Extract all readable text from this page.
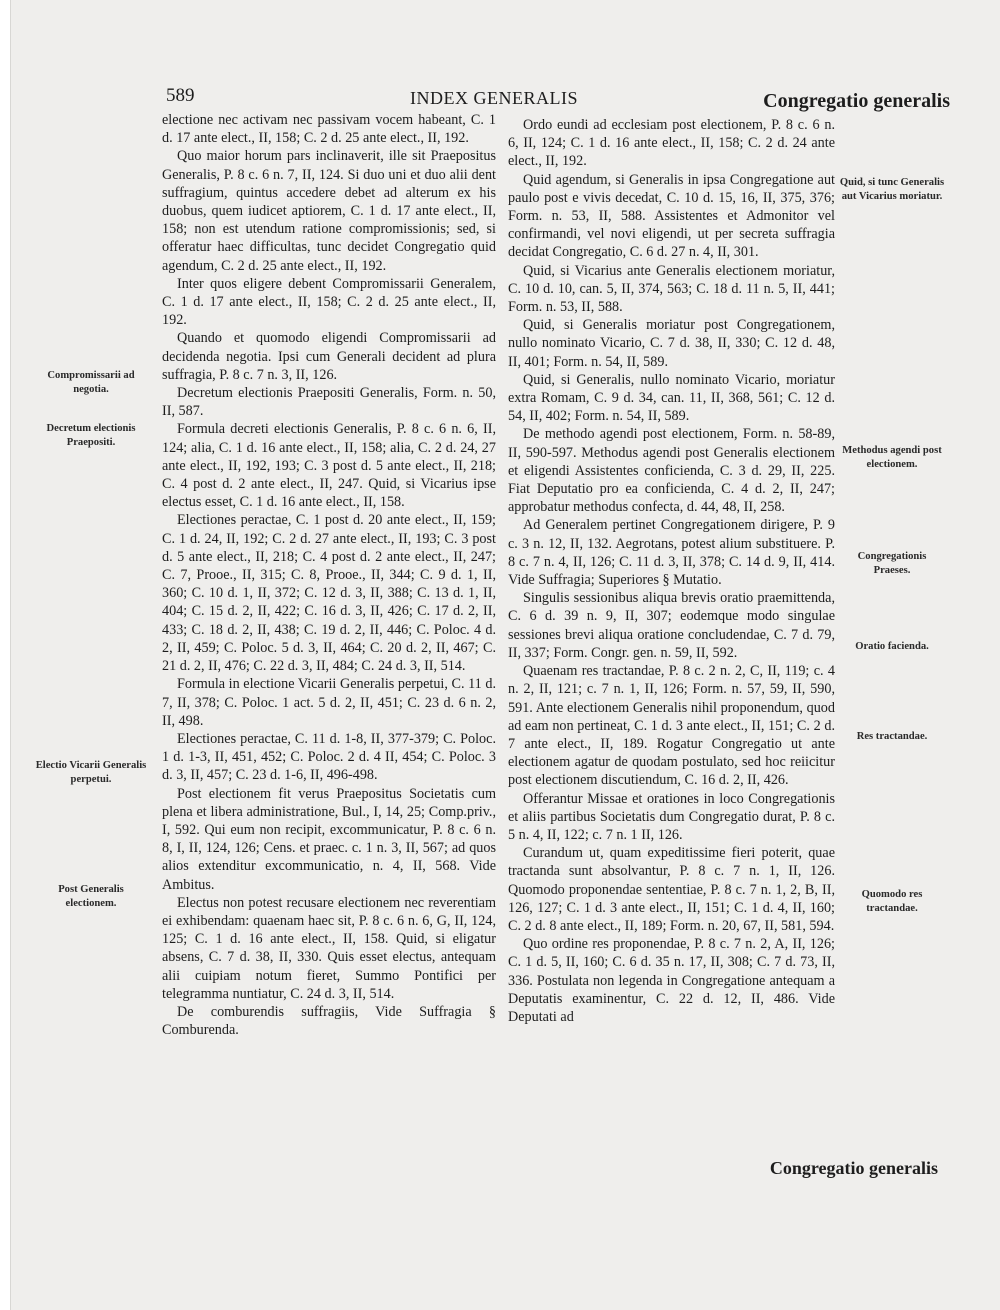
589	INDEX GENERALIS	Congregatio generalis

electione nec activam nec passivam vocem habeant, C. 1 d. 17 ante elect., II, 158; C. 2 d. 25 ante elect., II, 192.

Quo maior horum pars inclinaverit, ille sit Praepositus Generalis, P. 8 c. 6 n. 7, II, 124. Si duo uni et duo alii dent suffragium, quintus accedere debet ad alterum ex his duobus, quem iudicet aptiorem, C. 1 d. 17 ante elect., II, 158; non est utendum ratione compromissionis; sed, si offeratur haec difficultas, tunc decidet Congregatio quid agendum, C. 2 d. 25 ante elect., II, 192.

Inter quos eligere debent Compromissarii Generalem, C. 1 d. 17 ante elect., II, 158; C. 2 d. 25 ante elect., II, 192.

Quando et quomodo eligendi Compromissarii ad decidenda negotia. Ipsi cum Generali decident ad plura suffragia, P. 8 c. 7 n. 3, II, 126.

Decretum electionis Praepositi Generalis, Form. n. 50, II, 587.

Formula decreti electionis Generalis, P. 8 c. 6 n. 6, II, 124; alia, C. 1 d. 16 ante elect., II, 158; alia, C. 2 d. 24, 27 ante elect., II, 192, 193; C. 3 post d. 5 ante elect., II, 218; C. 4 post d. 2 ante elect., II, 247. Quid, si Vicarius ipse electus esset, C. 1 d. 16 ante elect., II, 158.

Electiones peractae, C. 1 post d. 20 ante elect., II, 159; C. 1 d. 24, II, 192; C. 2 d. 27 ante elect., II, 193; C. 3 post d. 5 ante elect., II, 218; C. 4 post d. 2 ante elect., II, 247; C. 7, Prooe., II, 315; C. 8, Prooe., II, 344; C. 9 d. 1, II, 360; C. 10 d. 1, II, 372; C. 12 d. 3, II, 388; C. 13 d. 1, II, 404; C. 15 d. 2, II, 422; C. 16 d. 3, II, 426; C. 17 d. 2, II, 433; C. 18 d. 2, II, 438; C. 19 d. 2, II, 446; C. Poloc. 4 d. 2, II, 459; C. Poloc. 5 d. 3, II, 464; C. 20 d. 2, II, 467; C. 21 d. 2, II, 476; C. 22 d. 3, II, 484; C. 24 d. 3, II, 514.

Formula in electione Vicarii Generalis perpetui, C. 11 d. 7, II, 378; C. Poloc. 1 act. 5 d. 2, II, 451; C. 23 d. 6 n. 2, II, 498.

Electiones peractae, C. 11 d. 1-8, II, 377-379; C. Poloc. 1 d. 1-3, II, 451, 452; C. Poloc. 2 d. 4 II, 454; C. Poloc. 3 d. 3, II, 457; C. 23 d. 1-6, II, 496-498.

Post electionem fit verus Praepositus Societatis cum plena et libera administratione, Bul., I, 14, 25; Comp.priv., I, 592. Qui eum non recipit, excommunicatur, P. 8 c. 6 n. 8, I, II, 124, 126; Cens. et praec. c. 1 n. 3, II, 567; ad quos alios extenditur excommunicatio, n. 4, II, 568. Vide Ambitus.

Electus non potest recusare electionem nec reverentiam ei exhibendam: quaenam haec sit, P. 8 c. 6 n. 6, G, II, 124, 125; C. 1 d. 16 ante elect., II, 158. Quid, si eligatur absens, C. 7 d. 38, II, 330. Quis esset electus, antequam alii cuipiam notum fieret, Summo Pontifici per telegramma nuntiatur, C. 24 d. 3, II, 514.

De comburendis suffragiis, Vide Suffragia § Comburenda.

Ordo eundi ad ecclesiam post electionem, P. 8 c. 6 n. 6, II, 124; C. 1 d. 16 ante elect., II, 158; C. 2 d. 24 ante elect., II, 192.

Quid agendum, si Generalis in ipsa Congregatione aut paulo post e vivis decedat, C. 10 d. 15, 16, II, 375, 376; Form. n. 53, II, 588. Assistentes et Admonitor vel confirmandi, vel novi eligendi, ut per secreta suffragia decidat Congregatio, C. 6 d. 27 n. 4, II, 301.

Quid, si Vicarius ante Generalis electionem moriatur, C. 10 d. 10, can. 5, II, 374, 563; C. 18 d. 11 n. 5, II, 441; Form. n. 53, II, 588.

Quid, si Generalis moriatur post Congregationem, nullo nominato Vicario, C. 7 d. 38, II, 330; C. 12 d. 48, II, 401; Form. n. 54, II, 589.

Quid, si Generalis, nullo nominato Vicario, moriatur extra Romam, C. 9 d. 34, can. 11, II, 368, 561; C. 12 d. 54, II, 402; Form. n. 54, II, 589.

De methodo agendi post electionem, Form. n. 58-89, II, 590-597. Methodus agendi post Generalis electionem et eligendi Assistentes conficienda, C. 3 d. 29, II, 225. Fiat Deputatio pro ea conficienda, C. 4 d. 2, II, 247; approbatur methodus confecta, d. 44, 48, II, 258.

Ad Generalem pertinet Congregationem dirigere, P. 9 c. 3 n. 12, II, 132. Aegrotans, potest alium substituere. P. 8 c. 7 n. 4, II, 126; C. 11 d. 3, II, 378; C. 14 d. 9, II, 414. Vide Suffragia; Superiores § Mutatio.

Singulis sessionibus aliqua brevis oratio praemittenda, C. 6 d. 39 n. 9, II, 307; eodemque modo singulae sessiones brevi aliqua oratione concludendae, C. 7 d. 79, II, 337; Form. Congr. gen. n. 59, II, 592.

Quaenam res tractandae, P. 8 c. 2 n. 2, C, II, 119; c. 4 n. 2, II, 121; c. 7 n. 1, II, 126; Form. n. 57, 59, II, 590, 591. Ante electionem Generalis nihil proponendum, quod ad eam non pertineat, C. 1 d. 3 ante elect., II, 151; C. 2 d. 7 ante elect., II, 189. Rogatur Congregatio ut ante electionem agatur de quodam postulato, sed hoc reiicitur post electionem discutiendum, C. 16 d. 2, II, 426.

Offerantur Missae et orationes in loco Congregationis et aliis partibus Societatis dum Congregatio durat, P. 8 c. 5 n. 4, II, 122; c. 7 n. 1 II, 126.

Curandum ut, quam expeditissime fieri poterit, quae tractanda sunt absolvantur, P. 8 c. 7 n. 1, II, 126. Quomodo proponendae sententiae, P. 8 c. 7 n. 1, 2, B, II, 126, 127; C. 1 d. 3 ante elect., II, 151; C. 1 d. 4, II, 160; C. 2 d. 8 ante elect., II, 189; Form. n. 20, 67, II, 581, 594.

Quo ordine res proponendae, P. 8 c. 7 n. 2, A, II, 126; C. 1 d. 5, II, 160; C. 6 d. 35 n. 17, II, 308; C. 7 d. 73, II, 336. Postulata non legenda in Congregatione antequam a Deputatis examinentur, C. 22 d. 12, II, 486. Vide Deputati ad

Compromissarii ad negotia.
Decretum electionis Praepositi.
Electio Vicarii Generalis perpetui.
Post Generalis electionem.
Quid, si tunc Generalis aut Vicarius moriatur.
Methodus agendi post electionem.
Congregationis Praeses.
Oratio facienda.
Res tractandae.
Quomodo res tractandae.
Congregatio generalis
